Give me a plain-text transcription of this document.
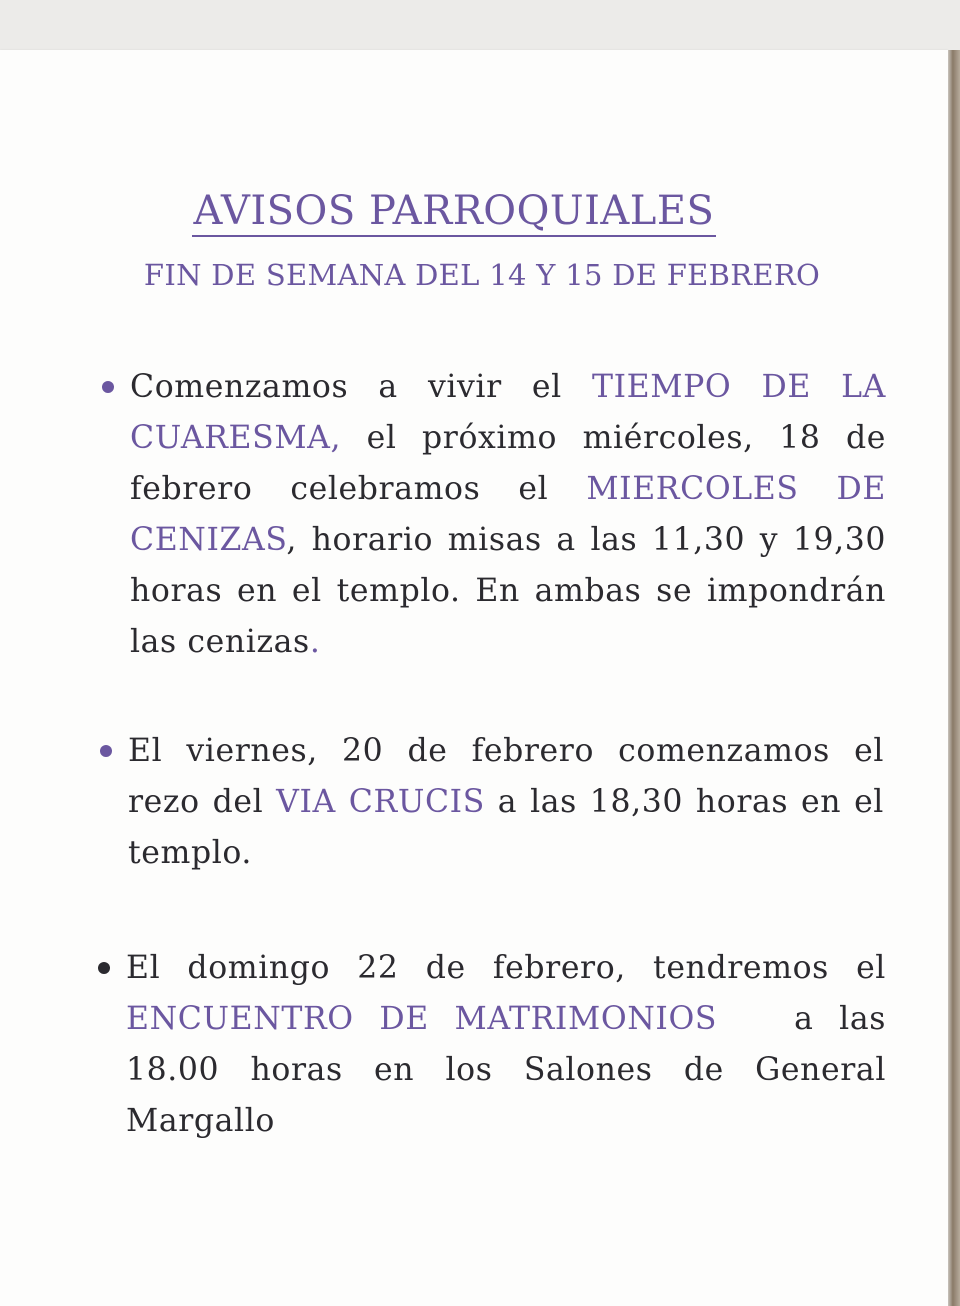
AVISOS PARROQUIALES
FIN DE SEMANA DEL 14 Y 15 DE FEBRERO

Comenzamos a vivir el TIEMPO DE LA CUARESMA, el próximo miércoles, 18 de febrero celebramos el MIERCOLES DE CENIZAS, horario misas a las 11,30 y 19,30 horas en el templo. En ambas se impondrán las cenizas.

El viernes, 20 de febrero comenzamos el rezo del VIA CRUCIS a las 18,30 horas en el templo.

El domingo 22 de febrero, tendremos el ENCUENTRO DE MATRIMONIOS   a las 18.00 horas en los Salones de General Margallo
